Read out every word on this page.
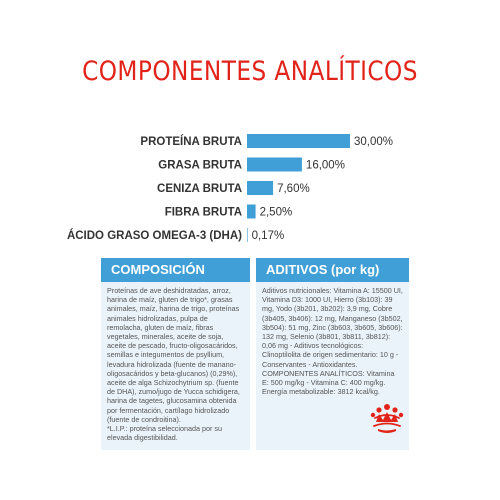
COMPONENTES ANALÍTICOS
PROTEÍNA BRUTA	30,00%
GRASA BRUTA	16,00%
CENIZA BRUTA	7,60%
FIBRA BRUTA 2,50%
ÁCIDO GRASO OMEGA-3 (DHA) 0,17%
COMPOSICIÓN	ADITIVOS (por kg)

Proteínas de ave deshidratadas, arroz, harina de maíz, gluten de trigo*, grasas animales, maíz, harina de trigo, proteínas animales hidrolizadas, pulpa de remolacha, gluten de maíz, fibras vegetales, minerales, aceite de soja, aceite de pescado, fructo-oligosacáridos, semillas e integumentos de psyllium, levadura hidrolizada (fuente de manano-oligosacáridos y beta-glucanos) (0,29%), aceite de alga Schizochytrium sp. (fuente de DHA), zumo/jugo de Yucca schidigera, harina de tagetes, glucosamina obtenida por fermentación, cartílago hidrolizado (fuente de condroitina).

*L.I.P.: proteína seleccionada por su elevada digestibilidad.

Aditivos nutricionales: Vitamina A: 15500 UI, Vitamina D3: 1000 UI, Hierro (3b103): 39 mg, Yodo (3b201, 3b202): 3,9 mg, Cobre (3b405, 3b406): 12 mg, Manganeso (3b502, 3b504): 51 mg, Zinc (3b603, 3b605, 3b606): 132 mg, Selenio (3b801, 3b811, 3b812): 0,06 mg - Aditivos tecnológicos: Clinoptilolita de origen sedimentario: 10 g - Conservantes - Antioxidantes.

COMPONENTES ANALÍTICOS: Vitamina E: 500 mg/kg - Vitamina C: 400 mg/kg. Energía metabolizable: 3812 kcal/kg.
